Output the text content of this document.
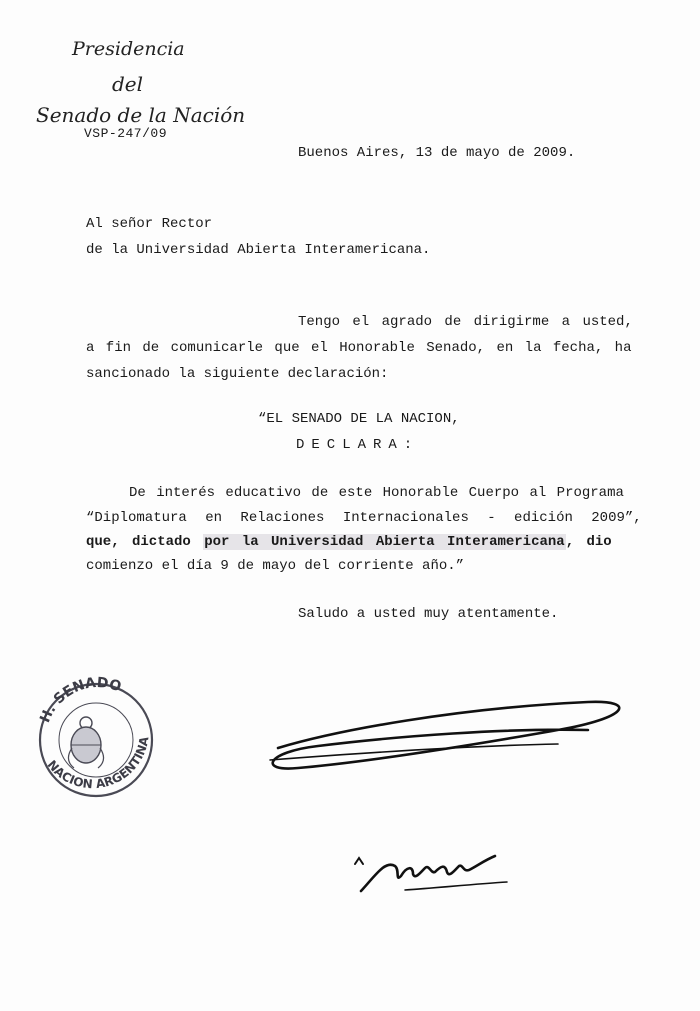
Presidencia
del
Senado de la Nación
VSP-247/09
Buenos Aires, 13 de mayo de 2009.
Al señor Rector
de la Universidad Abierta Interamericana.
Tengo el agrado de dirigirme a usted,
a fin de comunicarle que el Honorable Senado, en la fecha, ha
sancionado la siguiente declaración:
“EL SENADO DE LA NACION,
DECLARA:
De interés educativo de este Honorable Cuerpo al Programa
“Diplomatura en Relaciones Internacionales - edición 2009”,
que, dictado por la Universidad Abierta Interamericana, dio
comienzo el día 9 de mayo del corriente año.”
Saludo a usted muy atentamente.
H. SENADO
NACION ARGENTINA
